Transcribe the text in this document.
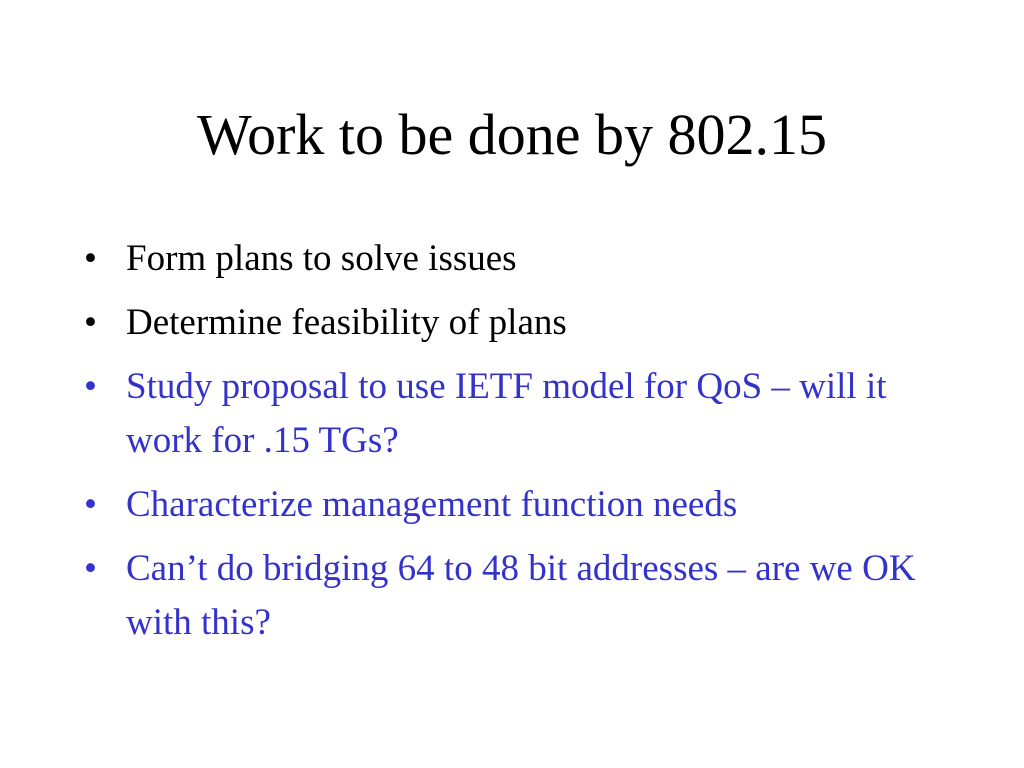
Work to be done by 802.15
• Form plans to solve issues
• Determine feasibility of plans
• Study proposal to use IETF model for QoS – will it work for .15 TGs?
• Characterize management function needs
• Can’t do bridging 64 to 48 bit addresses – are we OK with this?
